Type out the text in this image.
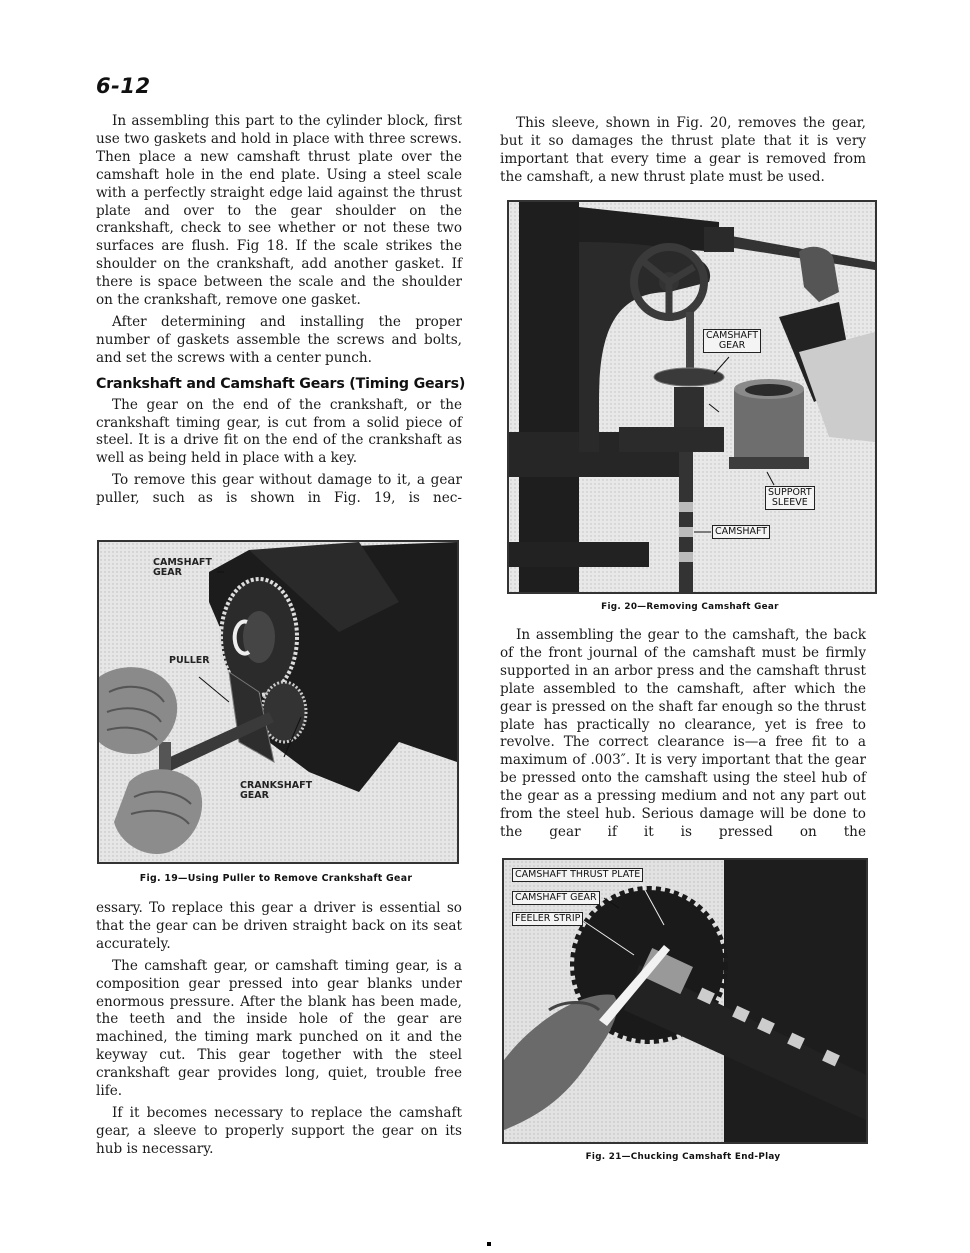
6-12

In assembling this part to the cylinder block, first use two gaskets and hold in place with three screws. Then place a new camshaft thrust plate over the camshaft hole in the end plate. Using a steel scale with a perfectly straight edge laid against the thrust plate and over to the gear shoulder on the crankshaft, check to see whether or not these two surfaces are flush. Fig 18. If the scale strikes the shoulder on the crankshaft, add another gasket. If there is space between the scale and the shoulder on the crankshaft, remove one gasket.

After determining and installing the proper number of gaskets assemble the screws and bolts, and set the screws with a center punch.

Crankshaft and Camshaft Gears (Timing Gears)

The gear on the end of the crankshaft, or the crankshaft timing gear, is cut from a solid piece of steel. It is a drive fit on the end of the crankshaft as well as being held in place with a key.

To remove this gear without damage to it, a gear puller, such as is shown in Fig. 19, is nec-

CAMSHAFT
GEAR
PULLER
CRANKSHAFT
GEAR
Fig. 19—Using Puller to Remove Crankshaft Gear

essary. To replace this gear a driver is essential so that the gear can be driven straight back on its seat accurately.

The camshaft gear, or camshaft timing gear, is a composition gear pressed into gear blanks under enormous pressure. After the blank has been made, the teeth and the inside hole of the gear are machined, the timing mark punched on it and the keyway cut. This gear together with the steel crankshaft gear provides long, quiet, trouble free life.

If it becomes necessary to replace the camshaft gear, a sleeve to properly support the gear on its hub is necessary.

This sleeve, shown in Fig. 20, removes the gear, but it so damages the thrust plate that it is very important that every time a gear is removed from the camshaft, a new thrust plate must be used.

CAMSHAFT
GEAR
SUPPORT
SLEEVE
CAMSHAFT
Fig. 20—Removing Camshaft Gear

In assembling the gear to the camshaft, the back of the front journal of the camshaft must be firmly supported in an arbor press and the camshaft thrust plate assembled to the camshaft, after which the gear is pressed on the shaft far enough so the thrust plate has practically no clearance, yet is free to revolve. The correct clearance is—a free fit to a maximum of .003″. It is very important that the gear be pressed onto the camshaft using the steel hub of the gear as a pressing medium and not any part out from the steel hub. Serious damage will be done to the gear if it is pressed on the

CAMSHAFT THRUST PLATE
CAMSHAFT GEAR
FEELER STRIP
Fig. 21—Chucking Camshaft End-Play
